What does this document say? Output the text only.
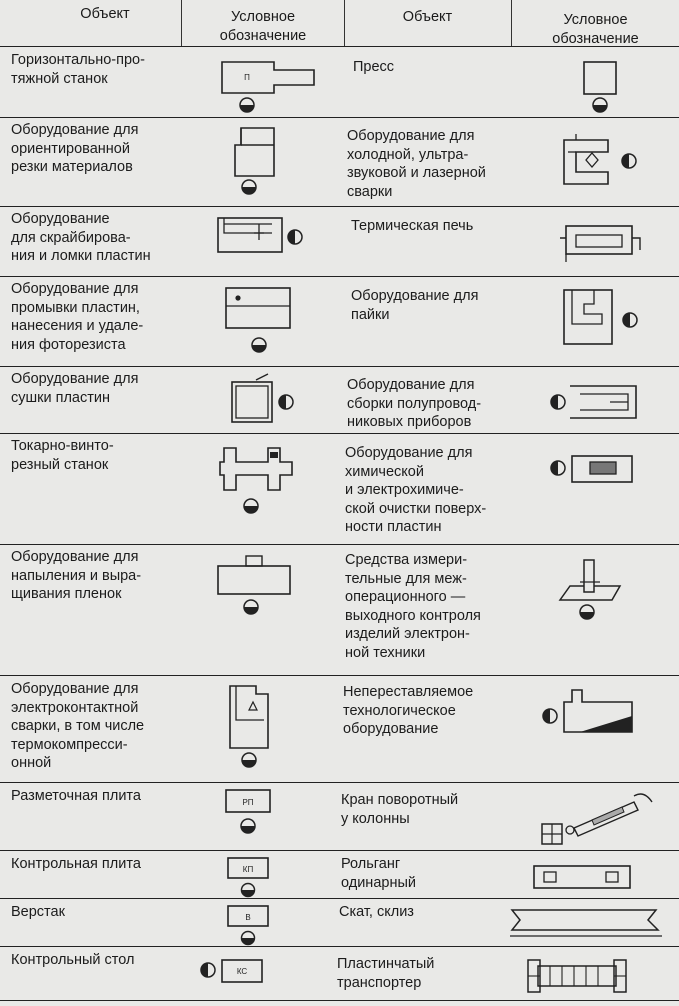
Объект	Условное
обозначение
Объект	Условное
обозначение
Горизонтально-про-
тяжной станок
Оборудование для
ориентированной
резки материалов
Оборудование
для скрайбирова-
ния и ломки пластин
Оборудование для
промывки пластин,
нанесения и удале-
ния фоторезиста
Оборудование для
сушки пластин
Токарно-винто-
резный станок
Оборудование для
напыления и выра-
щивания пленок
Оборудование для
электроконтактной
сварки, в том числе
термокомпресси-
онной
Разметочная плита
Контрольная плита
Верстак
Контрольный стол
Пресс
Оборудование для
холодной, ультра-
звуковой и лазерной
сварки
Термическая печь
Оборудование для
пайки
Оборудование для
сборки полупровод-
никовых приборов
Оборудование для
химической
и электрохимиче-
ской очистки поверх-
ности пластин
Средства измери-
тельные для меж-
операционного —
выходного контроля
изделий электрон-
ной техники
Непереставляемое
технологическое
оборудование
Кран поворотный
у колонны
Рольганг
одинарный
Скат, склиз
Пластинчатый
транспортер
П
РП
КП
В
КС
